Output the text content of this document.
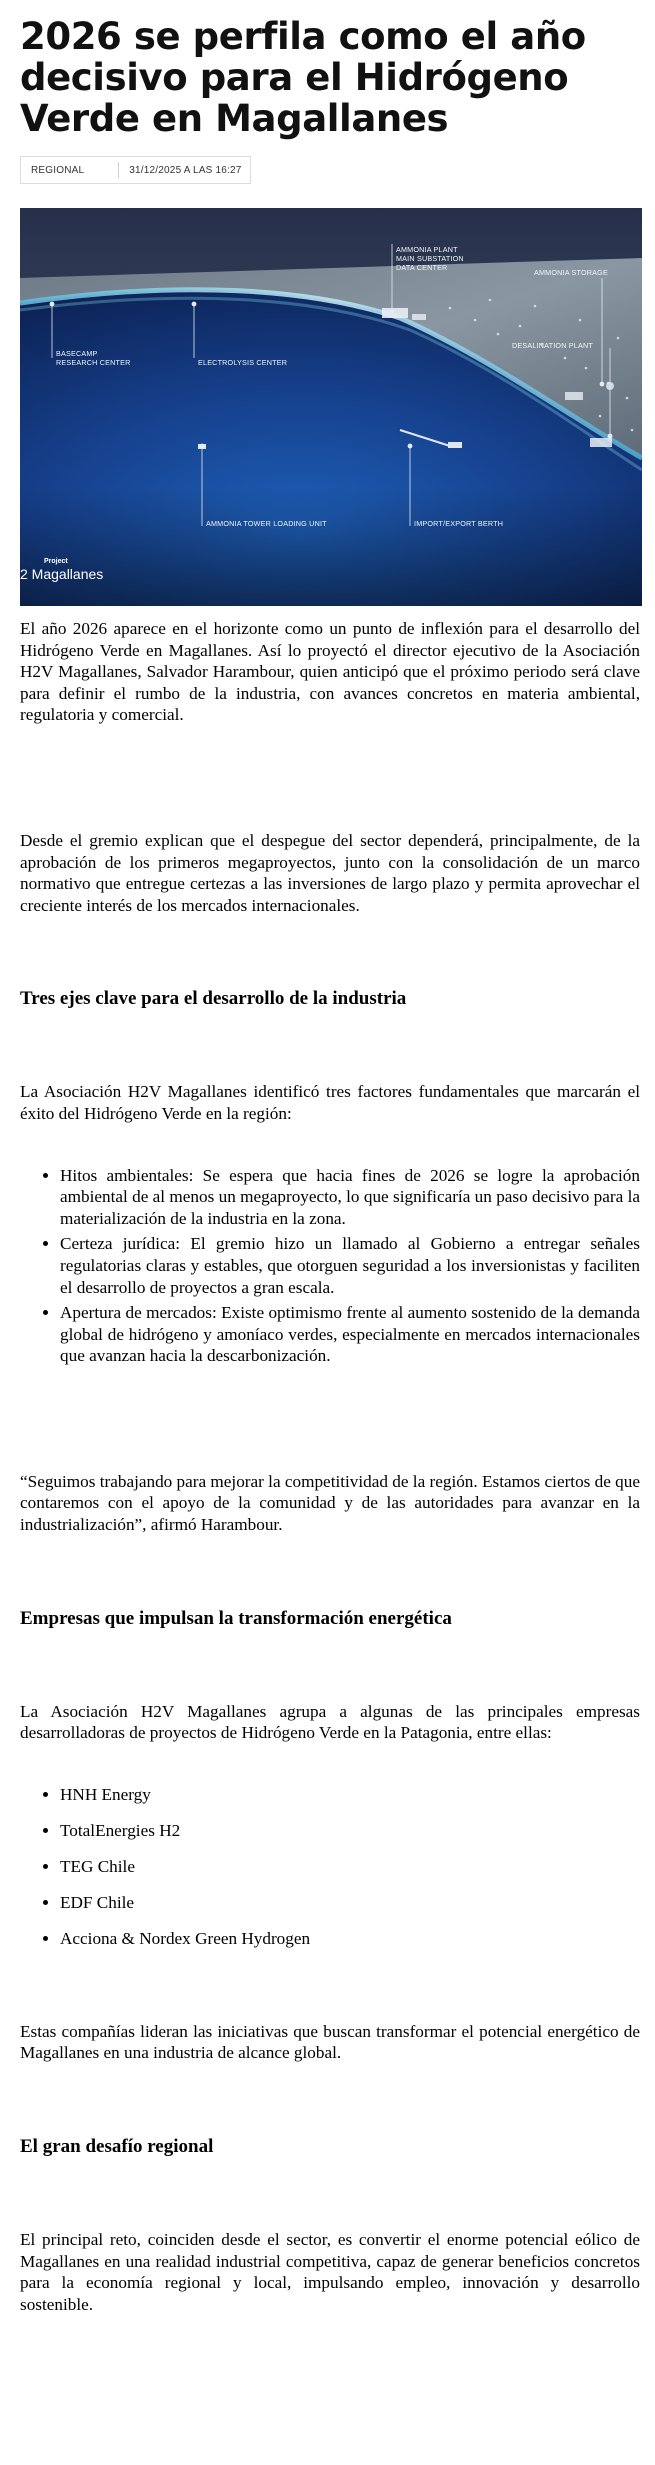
2026 se perfila como el año decisivo para el Hidrógeno Verde en Magallanes
REGIONAL	31/12/2025 A LAS 16:27
AMMONIA PLANT
MAIN SUBSTATION
DATA CENTER
AMMONIA STORAGE
BASECAMP
RESEARCH CENTER	ELECTROLYSIS CENTER
DESALINATION PLANT
AMMONIA TOWER LOADING UNIT	IMPORT/EXPORT BERTH
Project
2 Magallanes

El año 2026 aparece en el horizonte como un punto de inflexión para el desarrollo del Hidrógeno Verde en Magallanes. Así lo proyectó el director ejecutivo de la Asociación H2V Magallanes, Salvador Harambour, quien anticipó que el próximo periodo será clave para definir el rumbo de la industria, con avances concretos en materia ambiental, regulatoria y comercial.

Desde el gremio explican que el despegue del sector dependerá, principalmente, de la aprobación de los primeros megaproyectos, junto con la consolidación de un marco normativo que entregue certezas a las inversiones de largo plazo y permita aprovechar el creciente interés de los mercados internacionales.

Tres ejes clave para el desarrollo de la industria

La Asociación H2V Magallanes identificó tres factores fundamentales que marcarán el éxito del Hidrógeno Verde en la región:

• Hitos ambientales: Se espera que hacia fines de 2026 se logre la aprobación ambiental de al menos un megaproyecto, lo que significaría un paso decisivo para la materialización de la industria en la zona.
• Certeza jurídica: El gremio hizo un llamado al Gobierno a entregar señales regulatorias claras y estables, que otorguen seguridad a los inversionistas y faciliten el desarrollo de proyectos a gran escala.
• Apertura de mercados: Existe optimismo frente al aumento sostenido de la demanda global de hidrógeno y amoníaco verdes, especialmente en mercados internacionales que avanzan hacia la descarbonización.

“Seguimos trabajando para mejorar la competitividad de la región. Estamos ciertos de que contaremos con el apoyo de la comunidad y de las autoridades para avanzar en la industrialización”, afirmó Harambour.

Empresas que impulsan la transformación energética

La Asociación H2V Magallanes agrupa a algunas de las principales empresas desarrolladoras de proyectos de Hidrógeno Verde en la Patagonia, entre ellas:

• HNH Energy
• TotalEnergies H2
• TEG Chile
• EDF Chile
• Acciona & Nordex Green Hydrogen

Estas compañías lideran las iniciativas que buscan transformar el potencial energético de Magallanes en una industria de alcance global.

El gran desafío regional

El principal reto, coinciden desde el sector, es convertir el enorme potencial eólico de Magallanes en una realidad industrial competitiva, capaz de generar beneficios concretos para la economía regional y local, impulsando empleo, innovación y desarrollo sostenible.
